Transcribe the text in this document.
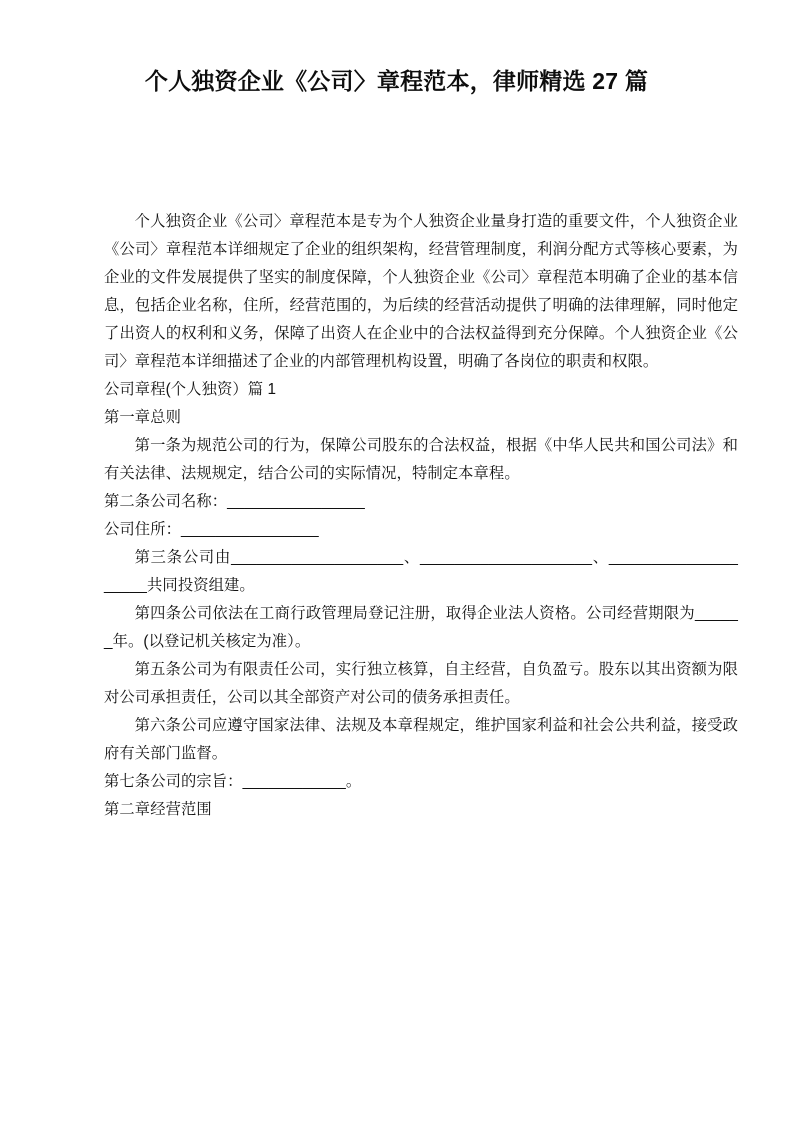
个人独资企业《公司〉章程范本，律师精选 27 篇

个人独资企业《公司〉章程范本是专为个人独资企业量身打造的重要文件，个人独资企业《公司〉章程范本详细规定了企业的组织架构，经营管理制度，利润分配方式等核心要素，为企业的文件发展提供了坚实的制度保障，个人独资企业《公司〉章程范本明确了企业的基本信息，包括企业名称，住所，经营范围的，为后续的经营活动提供了明确的法律理解，同时他定了出资人的权利和义务，保障了出资人在企业中的合法权益得到充分保障。个人独资企业《公司〉章程范本详细描述了企业的内部管理机构设置，明确了各岗位的职责和权限。

公司章程(个人独资）篇 1

第一章总则

第一条为规范公司的行为，保障公司股东的合法权益，根据《中华人民共和国公司法》和有关法律、法规规定，结合公司的实际情况，特制定本章程。

第二条公司名称：________________

公司住所：________________

第三条公司由____________________、____________________、____________________共同投资组建。

第四条公司依法在工商行政管理局登记注册，取得企业法人资格。公司经营期限为______年。(以登记机关核定为准）。

第五条公司为有限责任公司，实行独立核算，自主经营，自负盈亏。股东以其出资额为限对公司承担责任，公司以其全部资产对公司的债务承担责任。

第六条公司应遵守国家法律、法规及本章程规定，维护国家利益和社会公共利益，接受政府有关部门监督。

第七条公司的宗旨：____________。

第二章经营范围
